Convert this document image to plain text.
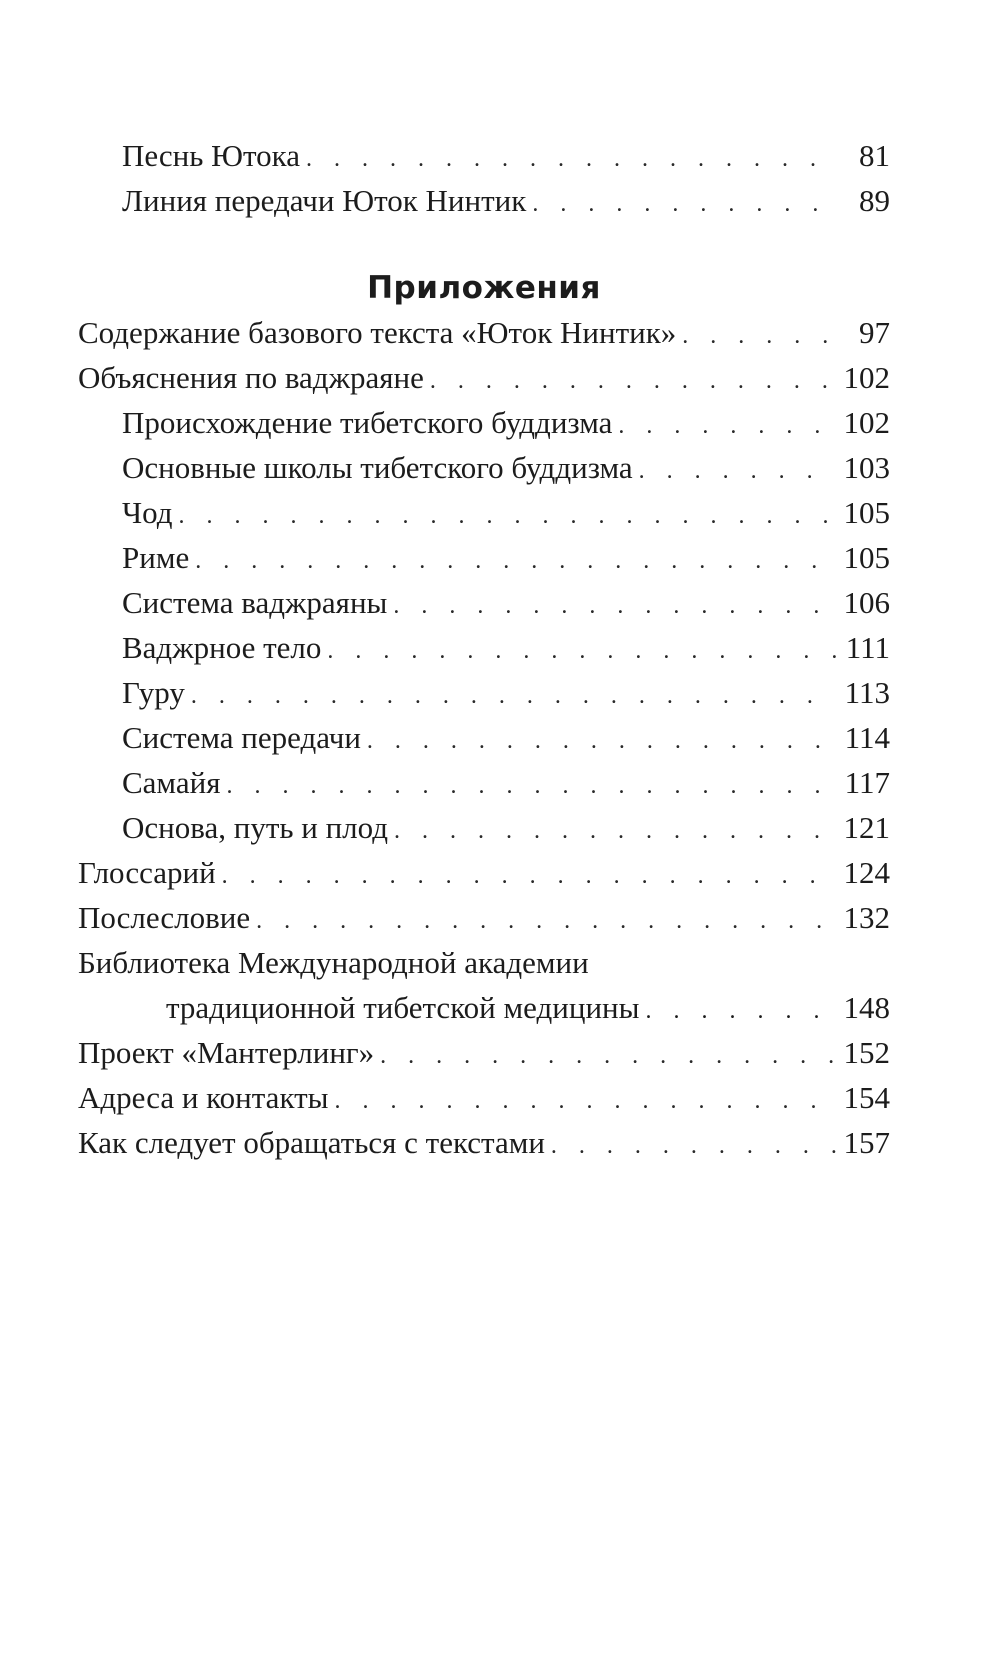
Песнь Ютока . . .	81
Линия передачи Юток Нинтик . . .	89
Приложения
Содержание базового текста «Юток Нинтик» . . .	97
Объяснения по ваджраяне . . .	102
Происхождение тибетского буддизма . . .	102
Основные школы тибетского буддизма . . .	103
Чод . . .	105
Риме . . .	105
Система ваджраяны . . .	106
Ваджрное тело . . .	111
Гуру . . .	113
Система передачи . . .	114
Самайя . . .	117
Основа, путь и плод . . .	121
Глоссарий . . .	124
Послесловие . . .	132
Библиотека Международной академии
традиционной тибетской медицины . . .	148
Проект «Мантерлинг» . . .	152
Адреса и контакты . . .	154
Как следует обращаться с текстами . . .	157
